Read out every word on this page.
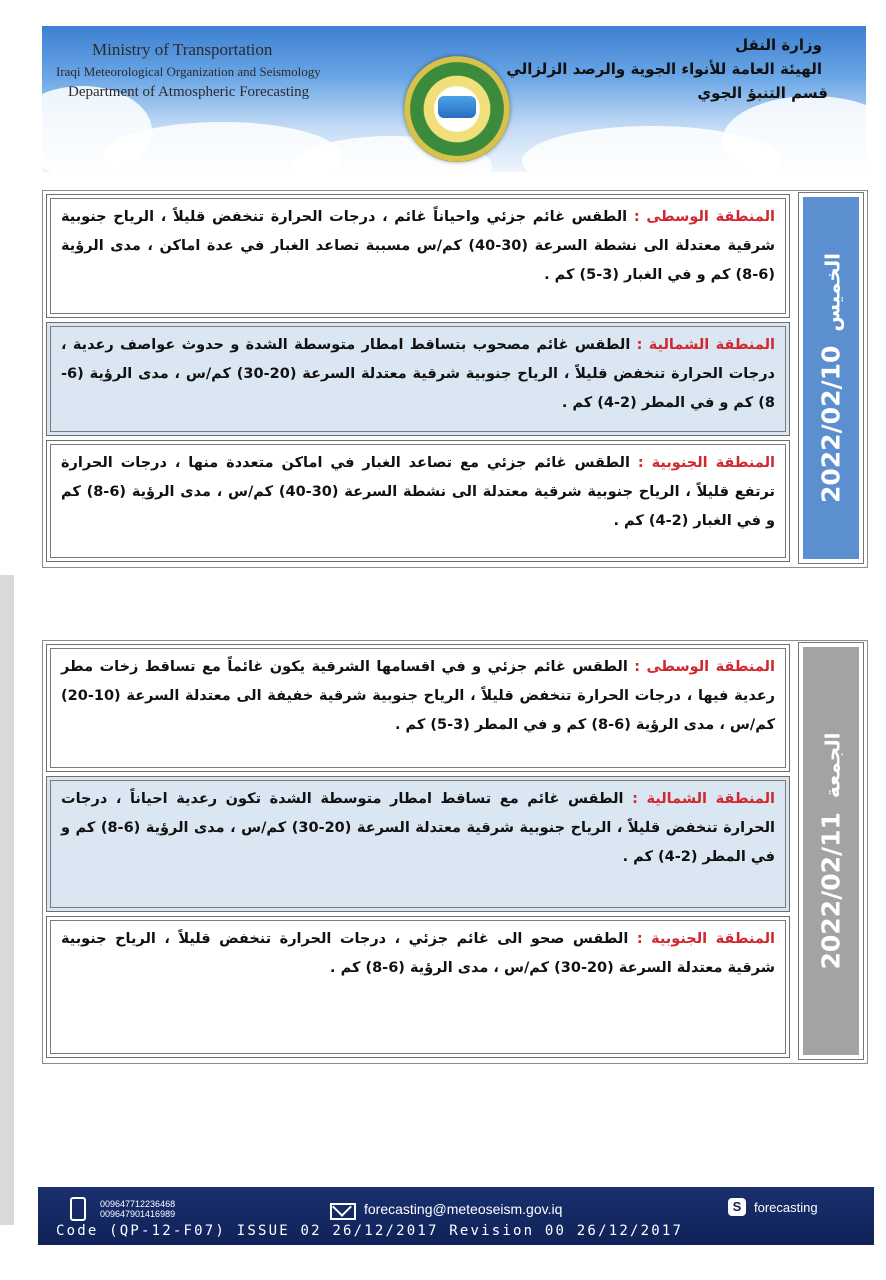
Ministry of Transportation
Iraqi Meteorological Organization and Seismology
Department of Atmospheric Forecasting
وزارة النقل
الهيئة العامة للأنواء الجوية والرصد الزلزالي
قسم التنبؤ الجوي
2022/02/10الخميس
المنطقة الوسطى : الطقس غائم جزئي واحياناً غائم ، درجات الحرارة تنخفض قليلاً ، الرياح جنوبية شرقية معتدلة الى نشطة السرعة (30-40) كم/س مسببة تصاعد الغبار في عدة اماكن ، مدى الرؤية (6-8) كم و في الغبار (3-5) كم .
المنطقة الشمالية : الطقس غائم مصحوب بتساقط امطار متوسطة الشدة و حدوث عواصف رعدية ، درجات الحرارة تنخفض قليلاً ، الرياح جنوبية شرقية معتدلة السرعة (20-30) كم/س ، مدى الرؤية (6-8) كم و في المطر (2-4) كم .
المنطقة الجنوبية : الطقس غائم جزئي مع تصاعد الغبار في اماكن متعددة منها ، درجات الحرارة ترتفع قليلاً ، الرياح جنوبية شرقية معتدلة الى نشطة السرعة (30-40) كم/س ، مدى الرؤية (6-8) كم و في الغبار (2-4) كم .
2022/02/11الجمعة
المنطقة الوسطى : الطقس غائم جزئي و في اقسامها الشرقية يكون غائماً مع تساقط زخات مطر رعدية فيها ، درجات الحرارة تنخفض قليلاً ، الرياح جنوبية شرقية خفيفة الى معتدلة السرعة (10-20) كم/س ، مدى الرؤية (6-8) كم و في المطر (3-5) كم .
المنطقة الشمالية : الطقس غائم مع تساقط امطار متوسطة الشدة تكون رعدية احياناً ، درجات الحرارة تنخفض قليلاً ، الرياح جنوبية شرقية معتدلة السرعة (20-30) كم/س ، مدى الرؤية (6-8) كم و في المطر (2-4) كم .
المنطقة الجنوبية : الطقس صحو الى غائم جزئي ، درجات الحرارة تنخفض قليلاً ، الرياح جنوبية شرقية معتدلة السرعة (20-30) كم/س ، مدى الرؤية (6-8) كم .
009647712236468
009647901416989	forecasting@meteoseism.gov.iq	S forecasting
Code (QP-12-F07) ISSUE 02 26/12/2017 Revision 00 26/12/2017
